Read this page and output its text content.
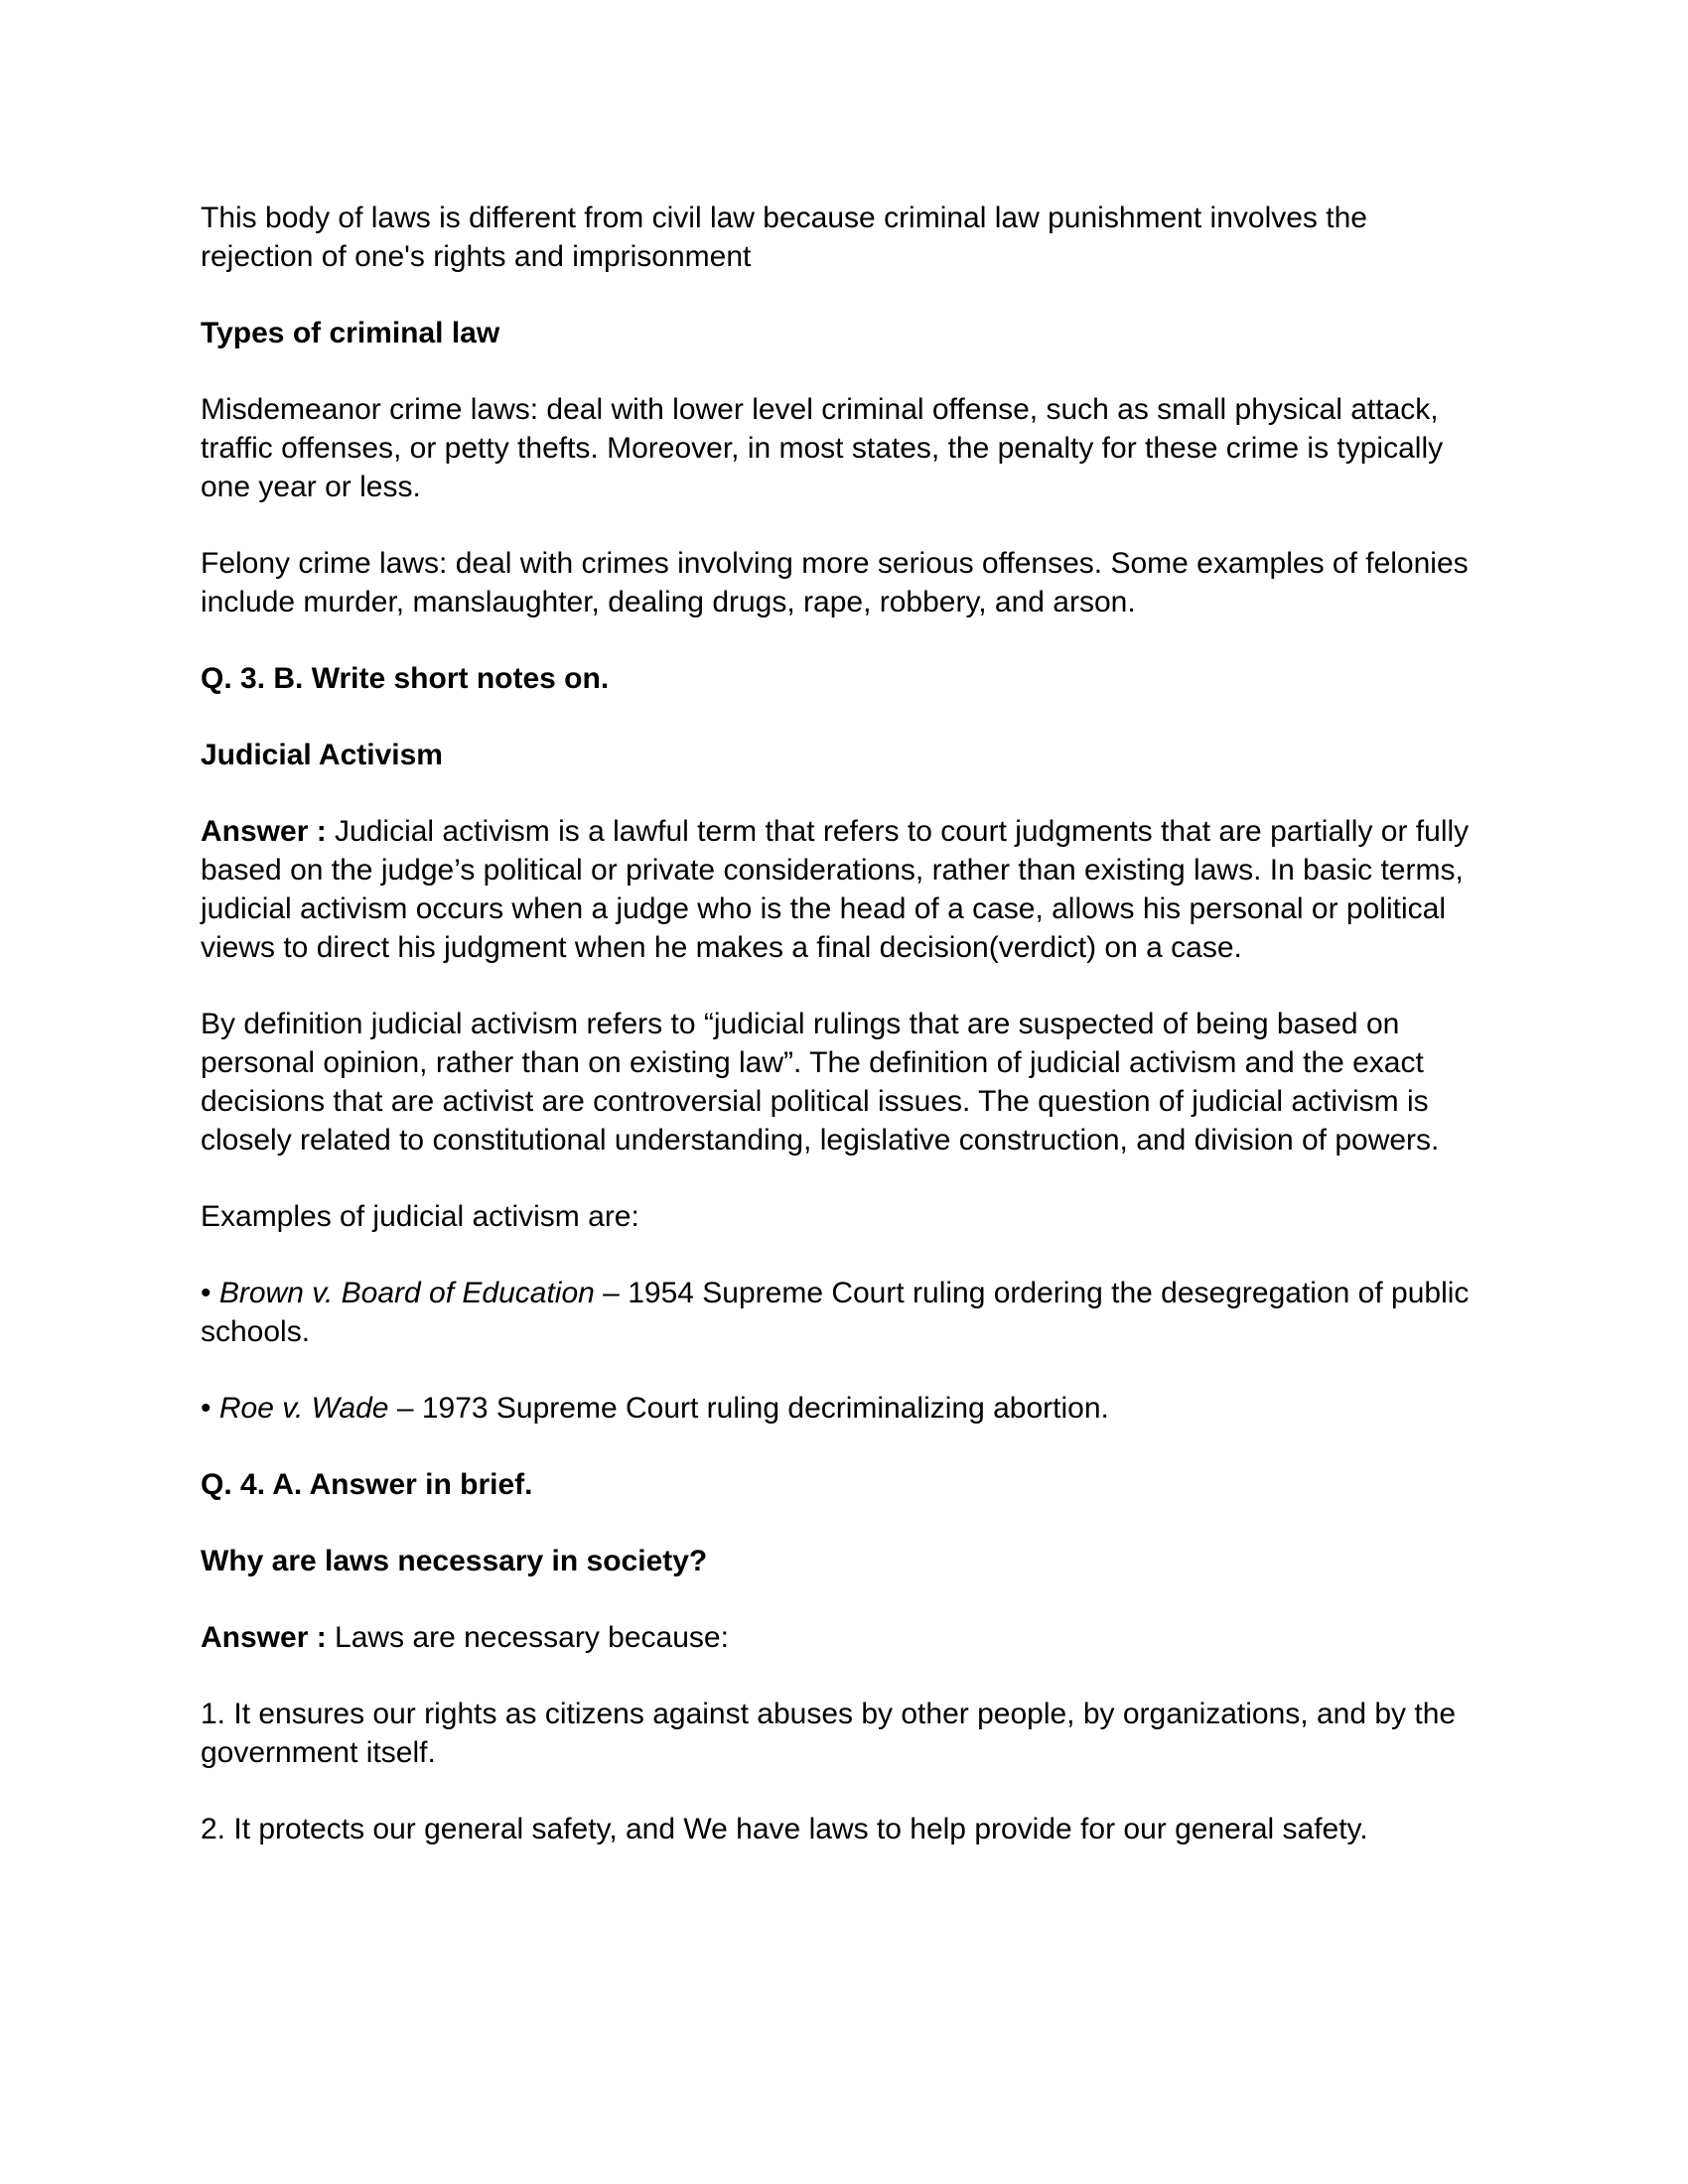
This body of laws is different from civil law because criminal law punishment involves the rejection of one's rights and imprisonment

Types of criminal law

Misdemeanor crime laws: deal with lower level criminal offense, such as small physical attack, traffic offenses, or petty thefts. Moreover, in most states, the penalty for these crime is typically one year or less.

Felony crime laws: deal with crimes involving more serious offenses. Some examples of felonies include murder, manslaughter, dealing drugs, rape, robbery, and arson.

Q. 3. B. Write short notes on.

Judicial Activism

Answer : Judicial activism is a lawful term that refers to court judgments that are partially or fully based on the judge’s political or private considerations, rather than existing laws. In basic terms, judicial activism occurs when a judge who is the head of a case, allows his personal or political views to direct his judgment when he makes a final decision(verdict) on a case.

By definition judicial activism refers to “judicial rulings that are suspected of being based on personal opinion, rather than on existing law”. The definition of judicial activism and the exact decisions that are activist are controversial political issues. The question of judicial activism is closely related to constitutional understanding, legislative construction, and division of powers.

Examples of judicial activism are:

• Brown v. Board of Education – 1954 Supreme Court ruling ordering the desegregation of public schools.

• Roe v. Wade – 1973 Supreme Court ruling decriminalizing abortion.

Q. 4. A. Answer in brief.

Why are laws necessary in society?

Answer : Laws are necessary because:

1. It ensures our rights as citizens against abuses by other people, by organizations, and by the government itself.

2. It protects our general safety, and We have laws to help provide for our general safety.
